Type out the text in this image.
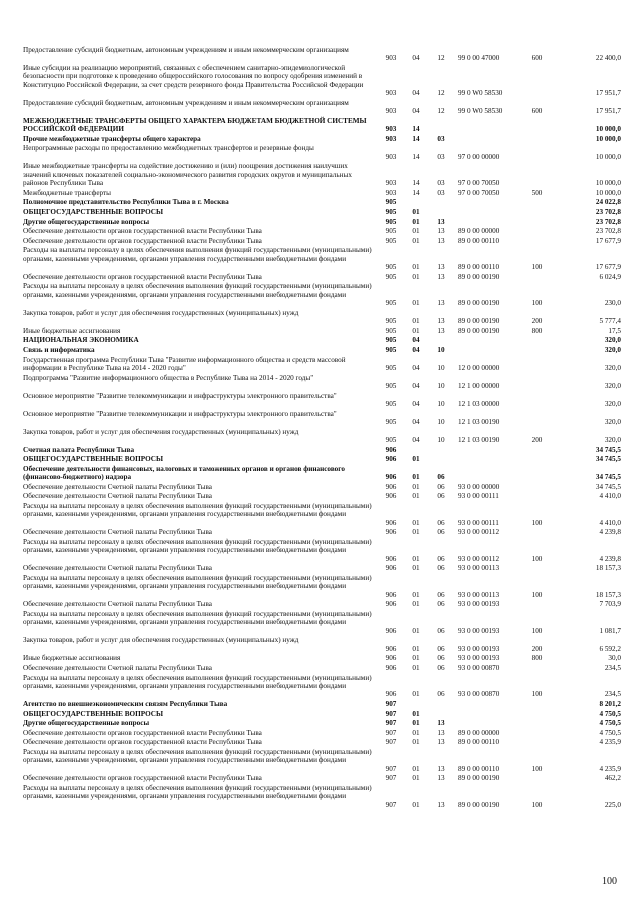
Предоставление субсидий бюджетным, автономным учреждениям и иным некоммерческим организациям
903	04	12	99 0 00 47000	600	22 400,0
Иные субсидии на реализацию мероприятий, связанных с обеспечением санитарно-эпидемиологической безопасности при подготовке к проведению общероссийского голосования по вопросу одобрения изменений в Конституцию Российской Федерации, за счет средств резервного фонда Правительства Российской Федерации
903	04	12	99 0 W0 58530	17 951,7
Предоставление субсидий бюджетным, автономным учреждениям и иным некоммерческим организациям
903	04	12	99 0 W0 58530	600	17 951,7
МЕЖБЮДЖЕТНЫЕ ТРАНСФЕРТЫ ОБЩЕГО ХАРАКТЕРА БЮДЖЕТАМ БЮДЖЕТНОЙ СИСТЕМЫ РОССИЙСКОЙ ФЕДЕРАЦИИ	903	14	10 000,0
Прочие межбюджетные трансферты общего характера	903	14	03	10 000,0
Непрограммные расходы по предоставлению межбюджетных трансфертов и резервные фонды
903	14	03	97 0 00 00000	10 000,0
Иные межбюджетные трансферты на содействие достижению и (или) поощрения достижения наилучших значений ключевых показателей социально-экономического развития городских округов и муниципальных районов Республики Тыва	903	14	03	97 0 00 70050	10 000,0
Межбюджетные трансферты	903	14	03	97 0 00 70050	500	10 000,0
Полномочное представительство Республики Тыва в г. Москва	905	24 022,8
ОБЩЕГОСУДАРСТВЕННЫЕ ВОПРОСЫ	905	01	23 702,8
Другие общегосударственные вопросы	905	01	13	23 702,8
Обеспечение деятельности органов государственной власти Республики Тыва	905	01	13	89 0 00 00000	23 702,8
Обеспечение деятельности органов государственной власти Республики Тыва	905	01	13	89 0 00 00110	17 677,9
Расходы на выплаты персоналу в целях обеспечения выполнения функций государственными (муниципальными) органами, казенными учреждениями, органами управления государственными внебюджетными фондами
905	01	13	89 0 00 00110	100	17 677,9
Обеспечение деятельности органов государственной власти Республики Тыва	905	01	13	89 0 00 00190	6 024,9
Расходы на выплаты персоналу в целях обеспечения выполнения функций государственными (муниципальными) органами, казенными учреждениями, органами управления государственными внебюджетными фондами
905	01	13	89 0 00 00190	100	230,0
Закупка товаров, работ и услуг для обеспечения государственных (муниципальных) нужд
905	01	13	89 0 00 00190	200	5 777,4
Иные бюджетные ассигнования	905	01	13	89 0 00 00190	800	17,5
НАЦИОНАЛЬНАЯ ЭКОНОМИКА	905	04	320,0
Связь и информатика	905	04	10	320,0
Государственная программа Республики Тыва "Развитие информационного общества и средств массовой информации в Республике Тыва на 2014 - 2020 годы"	905	04	10	12 0 00 00000	320,0
Подпрограмма "Развитие информационного общества в Республике Тыва на 2014 - 2020 годы"
905	04	10	12 1 00 00000	320,0
Основное мероприятие "Развитие телекоммуникации и инфраструктуры электронного правительства"
905	04	10	12 1 03 00000	320,0
Основное мероприятие "Развитие телекоммуникации и инфраструктуры электронного правительства"
905	04	10	12 1 03 00190	320,0
Закупка товаров, работ и услуг для обеспечения государственных (муниципальных) нужд
905	04	10	12 1 03 00190	200	320,0
Счетная палата Республики Тыва	906	34 745,5
ОБЩЕГОСУДАРСТВЕННЫЕ ВОПРОСЫ	906	01	34 745,5
Обеспечение деятельности финансовых, налоговых и таможенных органов и органов финансового (финансово-бюджетного) надзора	906	01	06	34 745,5
Обеспечение деятельности Счетной палаты Республики Тыва	906	01	06	93 0 00 00000	34 745,5
Обеспечение деятельности Счетной палаты Республики Тыва	906	01	06	93 0 00 00111	4 410,0
Расходы на выплаты персоналу в целях обеспечения выполнения функций государственными (муниципальными) органами, казенными учреждениями, органами управления государственными внебюджетными фондами
906	01	06	93 0 00 00111	100	4 410,0
Обеспечение деятельности Счетной палаты Республики Тыва	906	01	06	93 0 00 00112	4 239,8
Расходы на выплаты персоналу в целях обеспечения выполнения функций государственными (муниципальными) органами, казенными учреждениями, органами управления государственными внебюджетными фондами
906	01	06	93 0 00 00112	100	4 239,8
Обеспечение деятельности Счетной палаты Республики Тыва	906	01	06	93 0 00 00113	18 157,3
Расходы на выплаты персоналу в целях обеспечения выполнения функций государственными (муниципальными) органами, казенными учреждениями, органами управления государственными внебюджетными фондами
906	01	06	93 0 00 00113	100	18 157,3
Обеспечение деятельности Счетной палаты Республики Тыва	906	01	06	93 0 00 00193	7 703,9
Расходы на выплаты персоналу в целях обеспечения выполнения функций государственными (муниципальными) органами, казенными учреждениями, органами управления государственными внебюджетными фондами
906	01	06	93 0 00 00193	100	1 081,7
Закупка товаров, работ и услуг для обеспечения государственных (муниципальных) нужд
906	01	06	93 0 00 00193	200	6 592,2
Иные бюджетные ассигнования	906	01	06	93 0 00 00193	800	30,0
Обеспечение деятельности Счетной палаты Республики Тыва	906	01	06	93 0 00 00870	234,5
Расходы на выплаты персоналу в целях обеспечения выполнения функций государственными (муниципальными) органами, казенными учреждениями, органами управления государственными внебюджетными фондами
906	01	06	93 0 00 00870	100	234,5
Агентство по внешнеэкономическим связям Республики Тыва	907	8 201,2
ОБЩЕГОСУДАРСТВЕННЫЕ ВОПРОСЫ	907	01	4 750,5
Другие общегосударственные вопросы	907	01	13	4 750,5
Обеспечение деятельности органов государственной власти Республики Тыва	907	01	13	89 0 00 00000	4 750,5
Обеспечение деятельности органов государственной власти Республики Тыва	907	01	13	89 0 00 00110	4 235,9
Расходы на выплаты персоналу в целях обеспечения выполнения функций государственными (муниципальными) органами, казенными учреждениями, органами управления государственными внебюджетными фондами
907	01	13	89 0 00 00110	100	4 235,9
Обеспечение деятельности органов государственной власти Республики Тыва	907	01	13	89 0 00 00190	462,2
Расходы на выплаты персоналу в целях обеспечения выполнения функций государственными (муниципальными) органами, казенными учреждениями, органами управления государственными внебюджетными фондами
907	01	13	89 0 00 00190	100	225,0
100
